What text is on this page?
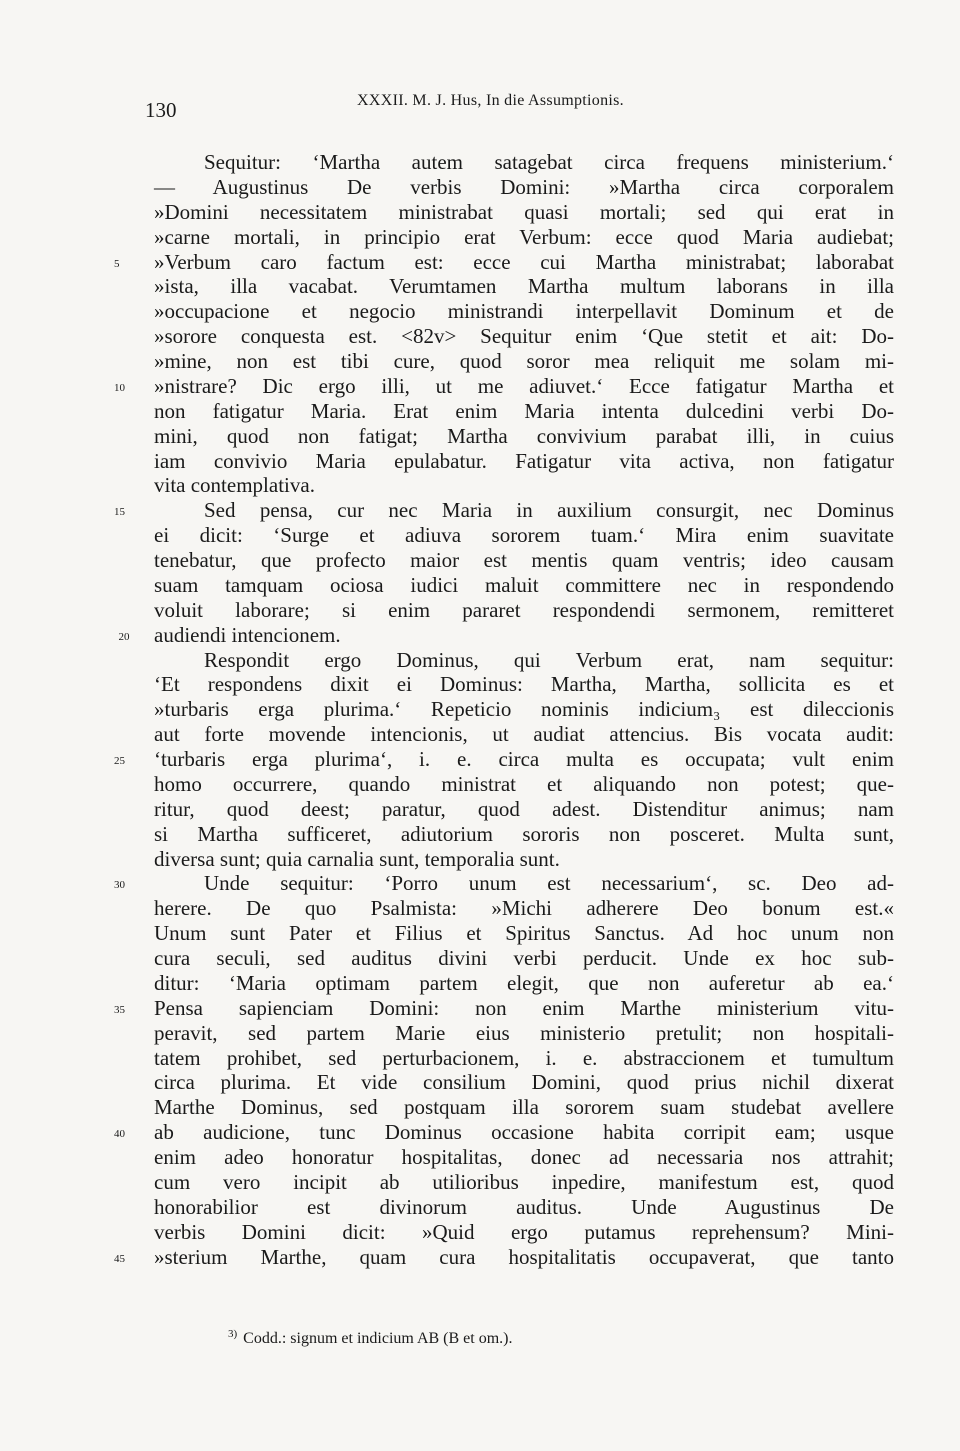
130	XXXII. M. J. Hus, In die Assumptionis.
Sequitur: ‘Martha autem satagebat circa frequens ministerium.‘
— Augustinus De verbis Domini: »Martha circa corporalem
»Domini necessitatem ministrabat quasi mortali; sed qui erat in
»carne mortali, in principio erat Verbum: ecce quod Maria audiebat;
5	»Verbum caro factum est: ecce cui Martha ministrabat; laborabat
»ista, illa vacabat. Verumtamen Martha multum laborans in illa
»occupacione et negocio ministrandi interpellavit Dominum et de
»sorore conquesta est. <82v> Sequitur enim ‘Que stetit et ait: Do-
»mine, non est tibi cure, quod soror mea reliquit me solam mi-
10	»nistrare? Dic ergo illi, ut me adiuvet.‘ Ecce fatigatur Martha et
non fatigatur Maria. Erat enim Maria intenta dulcedini verbi Do-
mini, quod non fatigat; Martha convivium parabat illi, in cuius
iam convivio Maria epulabatur. Fatigatur vita activa, non fatigatur
vita contemplativa.
15	Sed pensa, cur nec Maria in auxilium consurgit, nec Dominus
ei dicit: ‘Surge et adiuva sororem tuam.‘ Mira enim suavitate
tenebatur, que profecto maior est mentis quam ventris; ideo causam
suam tamquam ociosa iudici maluit committere nec in respondendo
voluit laborare; si enim pararet respondendi sermonem, remitteret
20 audiendi intencionem.
Respondit ergo Dominus, qui Verbum erat, nam sequitur:
‘Et respondens dixit ei Dominus: Martha, Martha, sollicita es et
»turbaris erga plurima.‘ Repeticio nominis indicium₃ est dileccionis
aut forte movende intencionis, ut audiat attencius. Bis vocata audit:
25	‘turbaris erga plurima‘, i. e. circa multa es occupata; vult enim
homo occurrere, quando ministrat et aliquando non potest; que-
ritur, quod deest; paratur, quod adest. Distenditur animus; nam
si Martha sufficeret, adiutorium sororis non posceret. Multa sunt,
diversa sunt; quia carnalia sunt, temporalia sunt.
30	Unde sequitur: ‘Porro unum est necessarium‘, sc. Deo ad-
herere. De quo Psalmista: »Michi adherere Deo bonum est.«
Unum sunt Pater et Filius et Spiritus Sanctus. Ad hoc unum non
cura seculi, sed auditus divini verbi perducit. Unde ex hoc sub-
ditur: ‘Maria optimam partem elegit, que non auferetur ab ea.‘
35	Pensa sapienciam Domini: non enim Marthe ministerium vitu-
peravit, sed partem Marie eius ministerio pretulit; non hospitali-
tatem prohibet, sed perturbacionem, i. e. abstraccionem et tumultum
circa plurima. Et vide consilium Domini, quod prius nichil dixerat
Marthe Dominus, sed postquam illa sororem suam studebat avellere
40	ab audicione, tunc Dominus occasione habita corripit eam; usque
enim adeo honoratur hospitalitas, donec ad necessaria nos attrahit;
cum vero incipit ab utilioribus inpedire, manifestum est, quod
honorabilior est divinorum auditus. Unde Augustinus De
verbis Domini dicit: »Quid ergo putamus reprehensum? Mini-
45	»sterium Marthe, quam cura hospitalitatis occupaverat, que tanto
$^{3)}$ Codd.: signum et indicium AB (B et om.).
